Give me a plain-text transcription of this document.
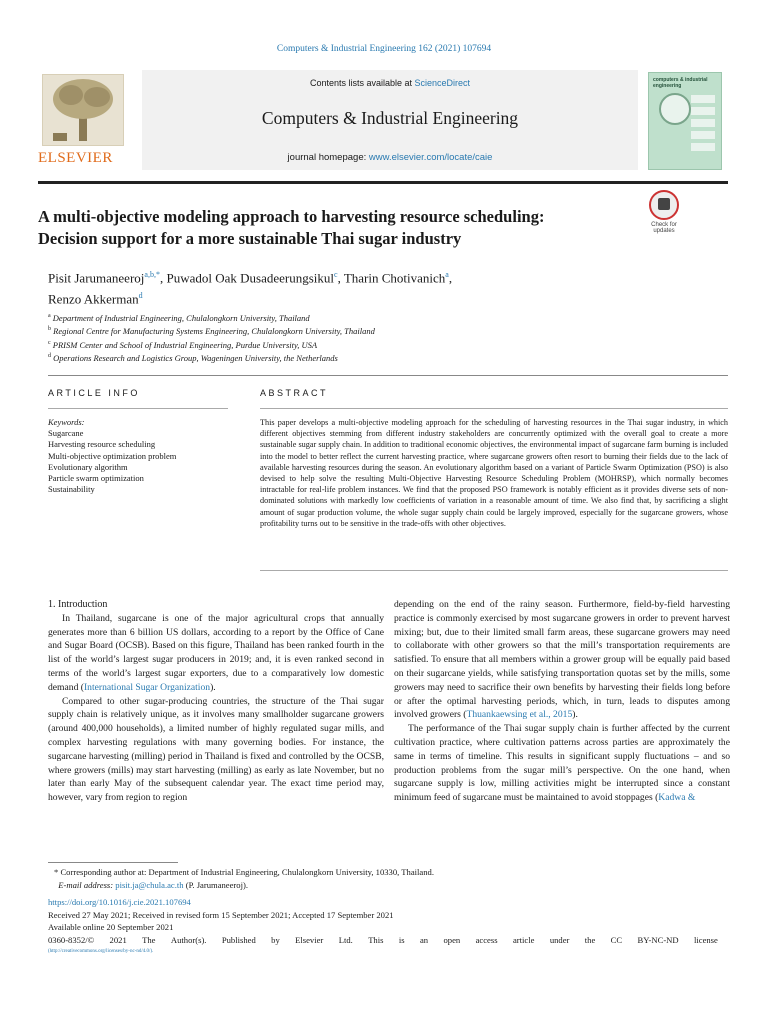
Computers & Industrial Engineering 162 (2021) 107694
ELSEVIER
Contents lists available at ScienceDirect
Computers & Industrial Engineering
journal homepage: www.elsevier.com/locate/caie
computers & industrial engineering
A multi-objective modeling approach to harvesting resource scheduling:
Decision support for a more sustainable Thai sugar industry
Check for updates
Pisit Jarumaneeroj$^{a,b,*}$, Puwadol Oak Dusadeerungsikul$^c$, Tharin Chotivanich$^a$,
Renzo Akkerman$^d$
$^a$ Department of Industrial Engineering, Chulalongkorn University, Thailand
$^b$ Regional Centre for Manufacturing Systems Engineering, Chulalongkorn University, Thailand
$^c$ PRISM Center and School of Industrial Engineering, Purdue University, USA
$^d$ Operations Research and Logistics Group, Wageningen University, the Netherlands
ARTICLE INFO
Keywords:
Sugarcane
Harvesting resource scheduling
Multi-objective optimization problem
Evolutionary algorithm
Particle swarm optimization
Sustainability
ABSTRACT

This paper develops a multi-objective modeling approach for the scheduling of harvesting resources in the Thai sugar industry, in which different objectives stemming from different industry stakeholders are concurrently optimized with the overall goal to create a more sustainable sugar supply chain. In addition to traditional economic objectives, the environmental impact of sugarcane farm burning is included into the model to better reflect the current harvesting practice, where sugarcane growers often resort to burning their fields due to the lack of available harvesting resources during the season. An evolutionary algorithm based on a variant of Particle Swarm Optimization (PSO) is also devised to help solve the resulting Multi-Objective Harvesting Resource Scheduling Problem (MOHRSP), which normally becomes intractable for real-life problem instances. We find that the proposed PSO framework is notably efficient as it provides diverse sets of non-dominated solutions with markedly low coefficients of variation in a reasonable amount of time. We also find that, by sacrificing a slight amount of sugar production volume, the whole sugar supply chain could be largely improved, especially for the sugarcane growers, whose profitability turns out to be sensitive in the trade-offs with other objectives.

1. Introduction

In Thailand, sugarcane is one of the major agricultural crops that annually generates more than 6 billion US dollars, according to a report by the Office of Cane and Sugar Board (OCSB). Based on this figure, Thailand has been ranked fourth in the list of the world’s largest sugar producers in 2019; and, it is even ranked second in terms of the world’s largest sugar exporters, due to a comparatively low domestic demand (International Sugar Organization).

Compared to other sugar-producing countries, the structure of the Thai sugar supply chain is relatively unique, as it involves many smallholder sugarcane growers (around 400,000 households), a limited number of highly regulated sugar mills, and complex harvesting regulations with many governing bodies. For instance, the sugarcane harvesting (milling) period in Thailand is fixed and controlled by the OCSB, where growers (mills) may start harvesting (milling) as early as late November, but no later than early May of the subsequent calendar year. The exact time period may, however, vary from region to region

depending on the end of the rainy season. Furthermore, field-by-field harvesting practice is commonly exercised by most sugarcane growers in order to prevent harvest mixing; but, due to their limited small farm areas, these sugarcane growers may need to collaborate with other growers so that the mill’s transportation requirements are satisfied. To ensure that all members within a grower group will be equally paid based on their sugarcane yields, while satisfying transportation quotas set by the mills, some growers may need to sacrifice their own benefits by harvesting their fields long before or after the optimal harvesting periods, which, in turn, leads to disputes among involved growers (Thuankaewsing et al., 2015).

The performance of the Thai sugar supply chain is further affected by the current cultivation practice, where cultivation patterns across parties are approximately the same in terms of timeline. This results in significant supply fluctuations – and so production problems from the sugar mill’s perspective. On the one hand, when sugarcane supply is low, milling activities might be interrupted since a constant minimum feed of sugarcane must be maintained to avoid stoppages (Kadwa &

* Corresponding author at: Department of Industrial Engineering, Chulalongkorn University, 10330, Thailand.
E-mail address: pisit.ja@chula.ac.th (P. Jarumaneeroj).
https://doi.org/10.1016/j.cie.2021.107694
Received 27 May 2021; Received in revised form 15 September 2021; Accepted 17 September 2021
Available online 20 September 2021
0360-8352/© 2021 The Author(s). Published by Elsevier Ltd. This is an open access article under the CC BY-NC-ND license
(http://creativecommons.org/licenses/by-nc-nd/4.0/).
